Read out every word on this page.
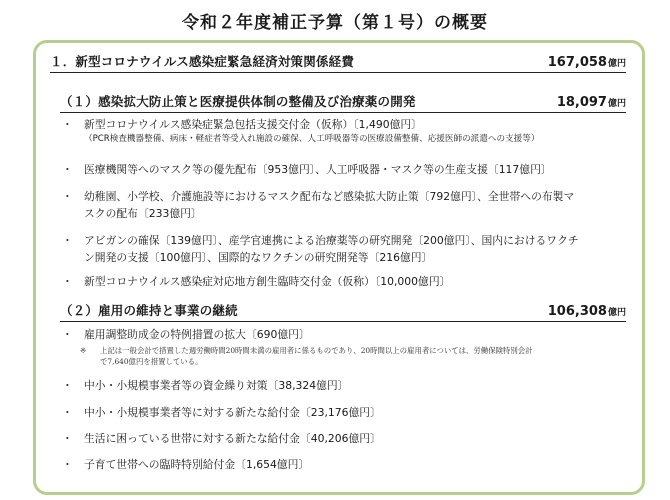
令和２年度補正予算（第１号）の概要
１．新型コロナウイルス感染症緊急経済対策関係経費	167,058億円
（１）感染拡大防止策と医療提供体制の整備及び治療薬の開発	18,097億円
・	新型コロナウイルス感染症緊急包括支援交付金（仮称）〔1,490億円〕
（PCR検査機器整備、病床・軽症者等受入れ施設の確保、人工呼吸器等の医療設備整備、応援医師の派遣への支援等）
・	医療機関等へのマスク等の優先配布〔953億円〕、人工呼吸器・マスク等の生産支援〔117億円〕
・	幼稚園、小学校、介護施設等におけるマスク配布など感染拡大防止策〔792億円〕、全世帯への布製マ
スクの配布〔233億円〕
・	アビガンの確保〔139億円〕、産学官連携による治療薬等の研究開発〔200億円〕、国内におけるワクチ
ン開発の支援〔100億円〕、国際的なワクチンの研究開発等〔216億円〕
・	新型コロナウイルス感染症対応地方創生臨時交付金（仮称）〔10,000億円〕
（２）雇用の維持と事業の継続	106,308億円
・	雇用調整助成金の特例措置の拡大〔690億円〕
※	上記は一般会計で措置した週労働時間20時間未満の雇用者に係るものであり、20時間以上の雇用者については、労働保険特別会計
で7,640億円を措置している。
・	中小・小規模事業者等の資金繰り対策〔38,324億円〕
・	中小・小規模事業者等に対する新たな給付金〔23,176億円〕
・	生活に困っている世帯に対する新たな給付金〔40,206億円〕
・	子育て世帯への臨時特別給付金〔1,654億円〕
